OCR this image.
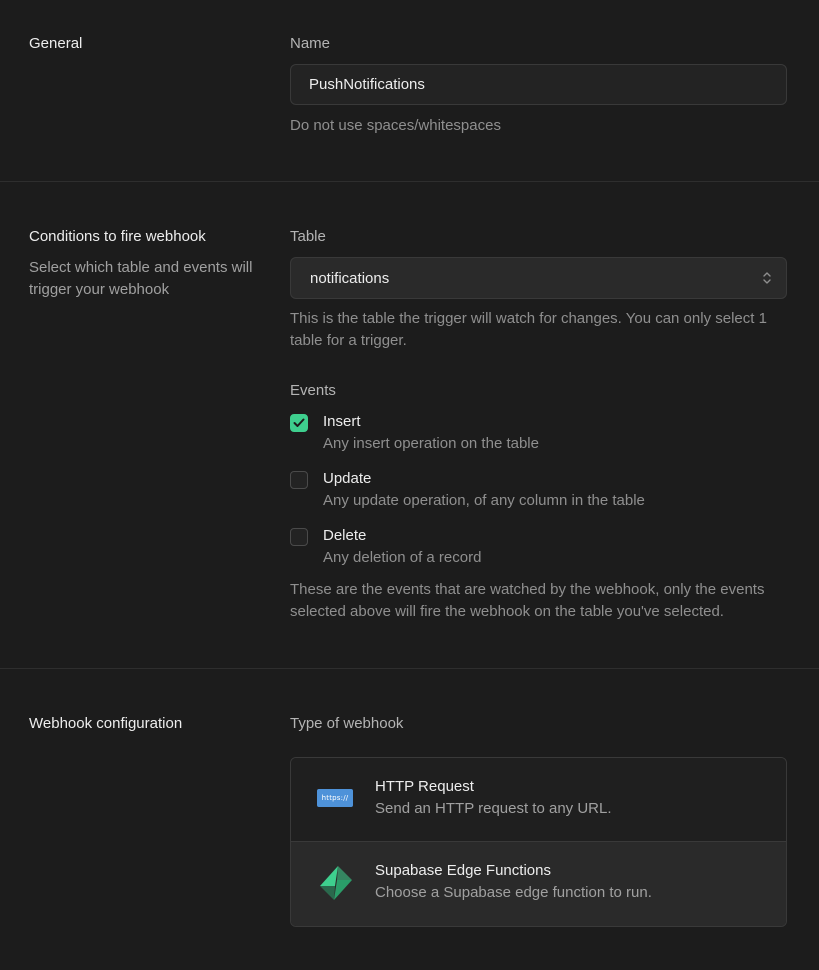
General	Name
PushNotifications
Do not use spaces/whitespaces
Conditions to fire webhook
Select which table and events will trigger your webhook
Table
notifications
This is the table the trigger will watch for changes. You can only select 1 table for a trigger.
Events
Insert
Any insert operation on the table
Update
Any update operation, of any column in the table
Delete
Any deletion of a record
These are the events that are watched by the webhook, only the events selected above will fire the webhook on the table you've selected.
Webhook configuration	Type of webhook
https://
HTTP Request
Send an HTTP request to any URL.
Supabase Edge Functions
Choose a Supabase edge function to run.
